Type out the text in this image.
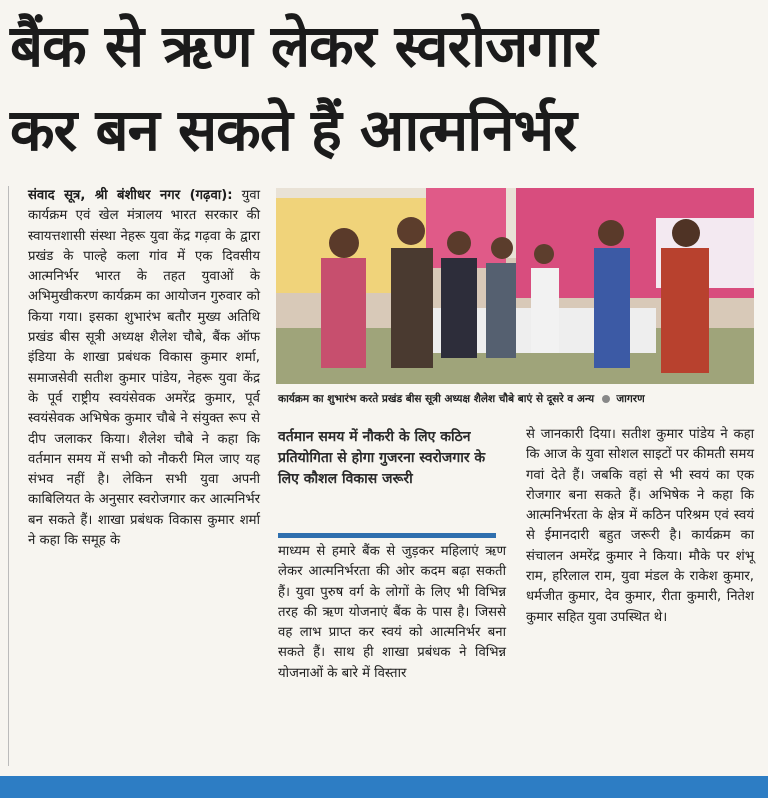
बैंक से ऋण लेकर स्वरोजगार
कर बन सकते हैं आत्मनिर्भर
संवाद सूत्र, श्री बंशीधर नगर (गढ़वा): युवा कार्यक्रम एवं खेल मंत्रालय भारत सरकार की स्वायत्तशासी संस्था नेहरू युवा केंद्र गढ़वा के द्वारा प्रखंड के पाल्हे कला गांव में एक दिवसीय आत्मनिर्भर भारत के तहत युवाओं के अभिमुखीकरण कार्यक्रम का आयोजन गुरुवार को किया गया। इसका शुभारंभ बतौर मुख्य अतिथि प्रखंड बीस सूत्री अध्यक्ष शैलेश चौबे, बैंक ऑफ इंडिया के शाखा प्रबंधक विकास कुमार शर्मा, समाजसेवी सतीश कुमार पांडेय, नेहरू युवा केंद्र के पूर्व राष्ट्रीय स्वयंसेवक अमरेंद्र कुमार, पूर्व स्वयंसेवक अभिषेक कुमार चौबे ने संयुक्त रूप से दीप जलाकर किया। शैलेश चौबे ने कहा कि वर्तमान समय में सभी को नौकरी मिल जाए यह संभव नहीं है। लेकिन सभी युवा अपनी काबिलियत के अनुसार स्वरोजगार कर आत्मनिर्भर बन सकते हैं। शाखा प्रबंधक विकास कुमार शर्मा ने कहा कि समूह के
कार्यक्रम का शुभारंभ करते प्रखंड बीस सूत्री अध्यक्ष शैलेश चौबे बाएं से दूसरे व अन्य जागरण
वर्तमान समय में नौकरी के लिए कठिन प्रतियोगिता से होगा गुजरना स्वरोजगार के लिए कौशल विकास जरूरी
माध्यम से हमारे बैंक से जुड़कर महिलाएं ऋण लेकर आत्मनिर्भरता की ओर कदम बढ़ा सकती हैं। युवा पुरुष वर्ग के लोगों के लिए भी विभिन्न तरह की ऋण योजनाएं बैंक के पास है। जिससे वह लाभ प्राप्त कर स्वयं को आत्मनिर्भर बना सकते हैं। साथ ही शाखा प्रबंधक ने विभिन्न योजनाओं के बारे में विस्तार
से जानकारी दिया। सतीश कुमार पांडेय ने कहा कि आज के युवा सोशल साइटों पर कीमती समय गवां देते हैं। जबकि वहां से भी स्वयं का एक रोजगार बना सकते हैं। अभिषेक ने कहा कि आत्मनिर्भरता के क्षेत्र में कठिन परिश्रम एवं स्वयं से ईमानदारी बहुत जरूरी है। कार्यक्रम का संचालन अमरेंद्र कुमार ने किया। मौके पर शंभू राम, हरिलाल राम, युवा मंडल के राकेश कुमार, धर्मजीत कुमार, देव कुमार, रीता कुमारी, नितेश कुमार सहित युवा उपस्थित थे।
